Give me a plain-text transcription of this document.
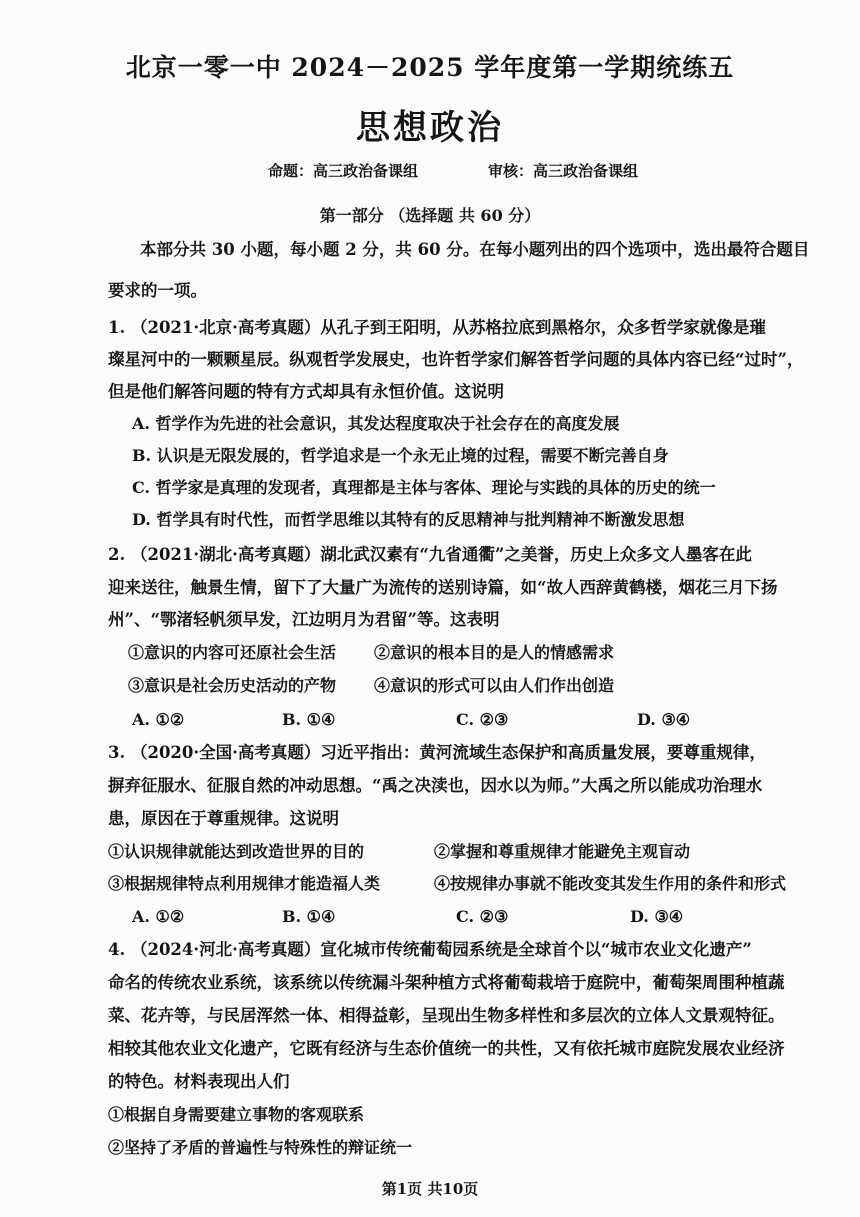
北京一零一中 2024－2025 学年度第一学期统练五
思想政治
命题：高三政治备课组	审核：高三政治备课组
第一部分 （选择题 共 60 分）
本部分共 30 小题，每小题 2 分，共 60 分。在每小题列出的四个选项中，选出最符合题目
要求的一项。
1. （2021·北京·高考真题）从孔子到王阳明，从苏格拉底到黑格尔，众多哲学家就像是璀
璨星河中的一颗颗星辰。纵观哲学发展史，也许哲学家们解答哲学问题的具体内容已经“过时”，
但是他们解答问题的特有方式却具有永恒价值。这说明
A. 哲学作为先进的社会意识，其发达程度取决于社会存在的高度发展
B. 认识是无限发展的，哲学追求是一个永无止境的过程，需要不断完善自身
C. 哲学家是真理的发现者，真理都是主体与客体、理论与实践的具体的历史的统一
D. 哲学具有时代性，而哲学思维以其特有的反思精神与批判精神不断激发思想
2. （2021·湖北·高考真题）湖北武汉素有“九省通衢”之美誉，历史上众多文人墨客在此
迎来送往，触景生情，留下了大量广为流传的送别诗篇，如“故人西辞黄鹤楼，烟花三月下扬
州”、“鄂渚轻帆须早发，江边明月为君留”等。这表明
①意识的内容可还原社会生活 ②意识的根本目的是人的情感需求
③意识是社会历史活动的产物 ④意识的形式可以由人们作出创造
A. ①②	B. ①④	C. ②③	D. ③④
3. （2020·全国·高考真题）习近平指出：黄河流域生态保护和高质量发展，要尊重规律，
摒弃征服水、征服自然的冲动思想。“禹之决渎也，因水以为师。”大禹之所以能成功治理水
患，原因在于尊重规律。这说明
①认识规律就能达到改造世界的目的	②掌握和尊重规律才能避免主观盲动
③根据规律特点利用规律才能造福人类	④按规律办事就不能改变其发生作用的条件和形式
A. ①②	B. ①④	C. ②③	D. ③④
4. （2024·河北·高考真题）宣化城市传统葡萄园系统是全球首个以“城市农业文化遗产”
命名的传统农业系统，该系统以传统漏斗架种植方式将葡萄栽培于庭院中，葡萄架周围种植蔬
菜、花卉等，与民居浑然一体、相得益彰，呈现出生物多样性和多层次的立体人文景观特征。
相较其他农业文化遗产，它既有经济与生态价值统一的共性，又有依托城市庭院发展农业经济
的特色。材料表现出人们
①根据自身需要建立事物的客观联系
②坚持了矛盾的普遍性与特殊性的辩证统一
第1页 共10页
